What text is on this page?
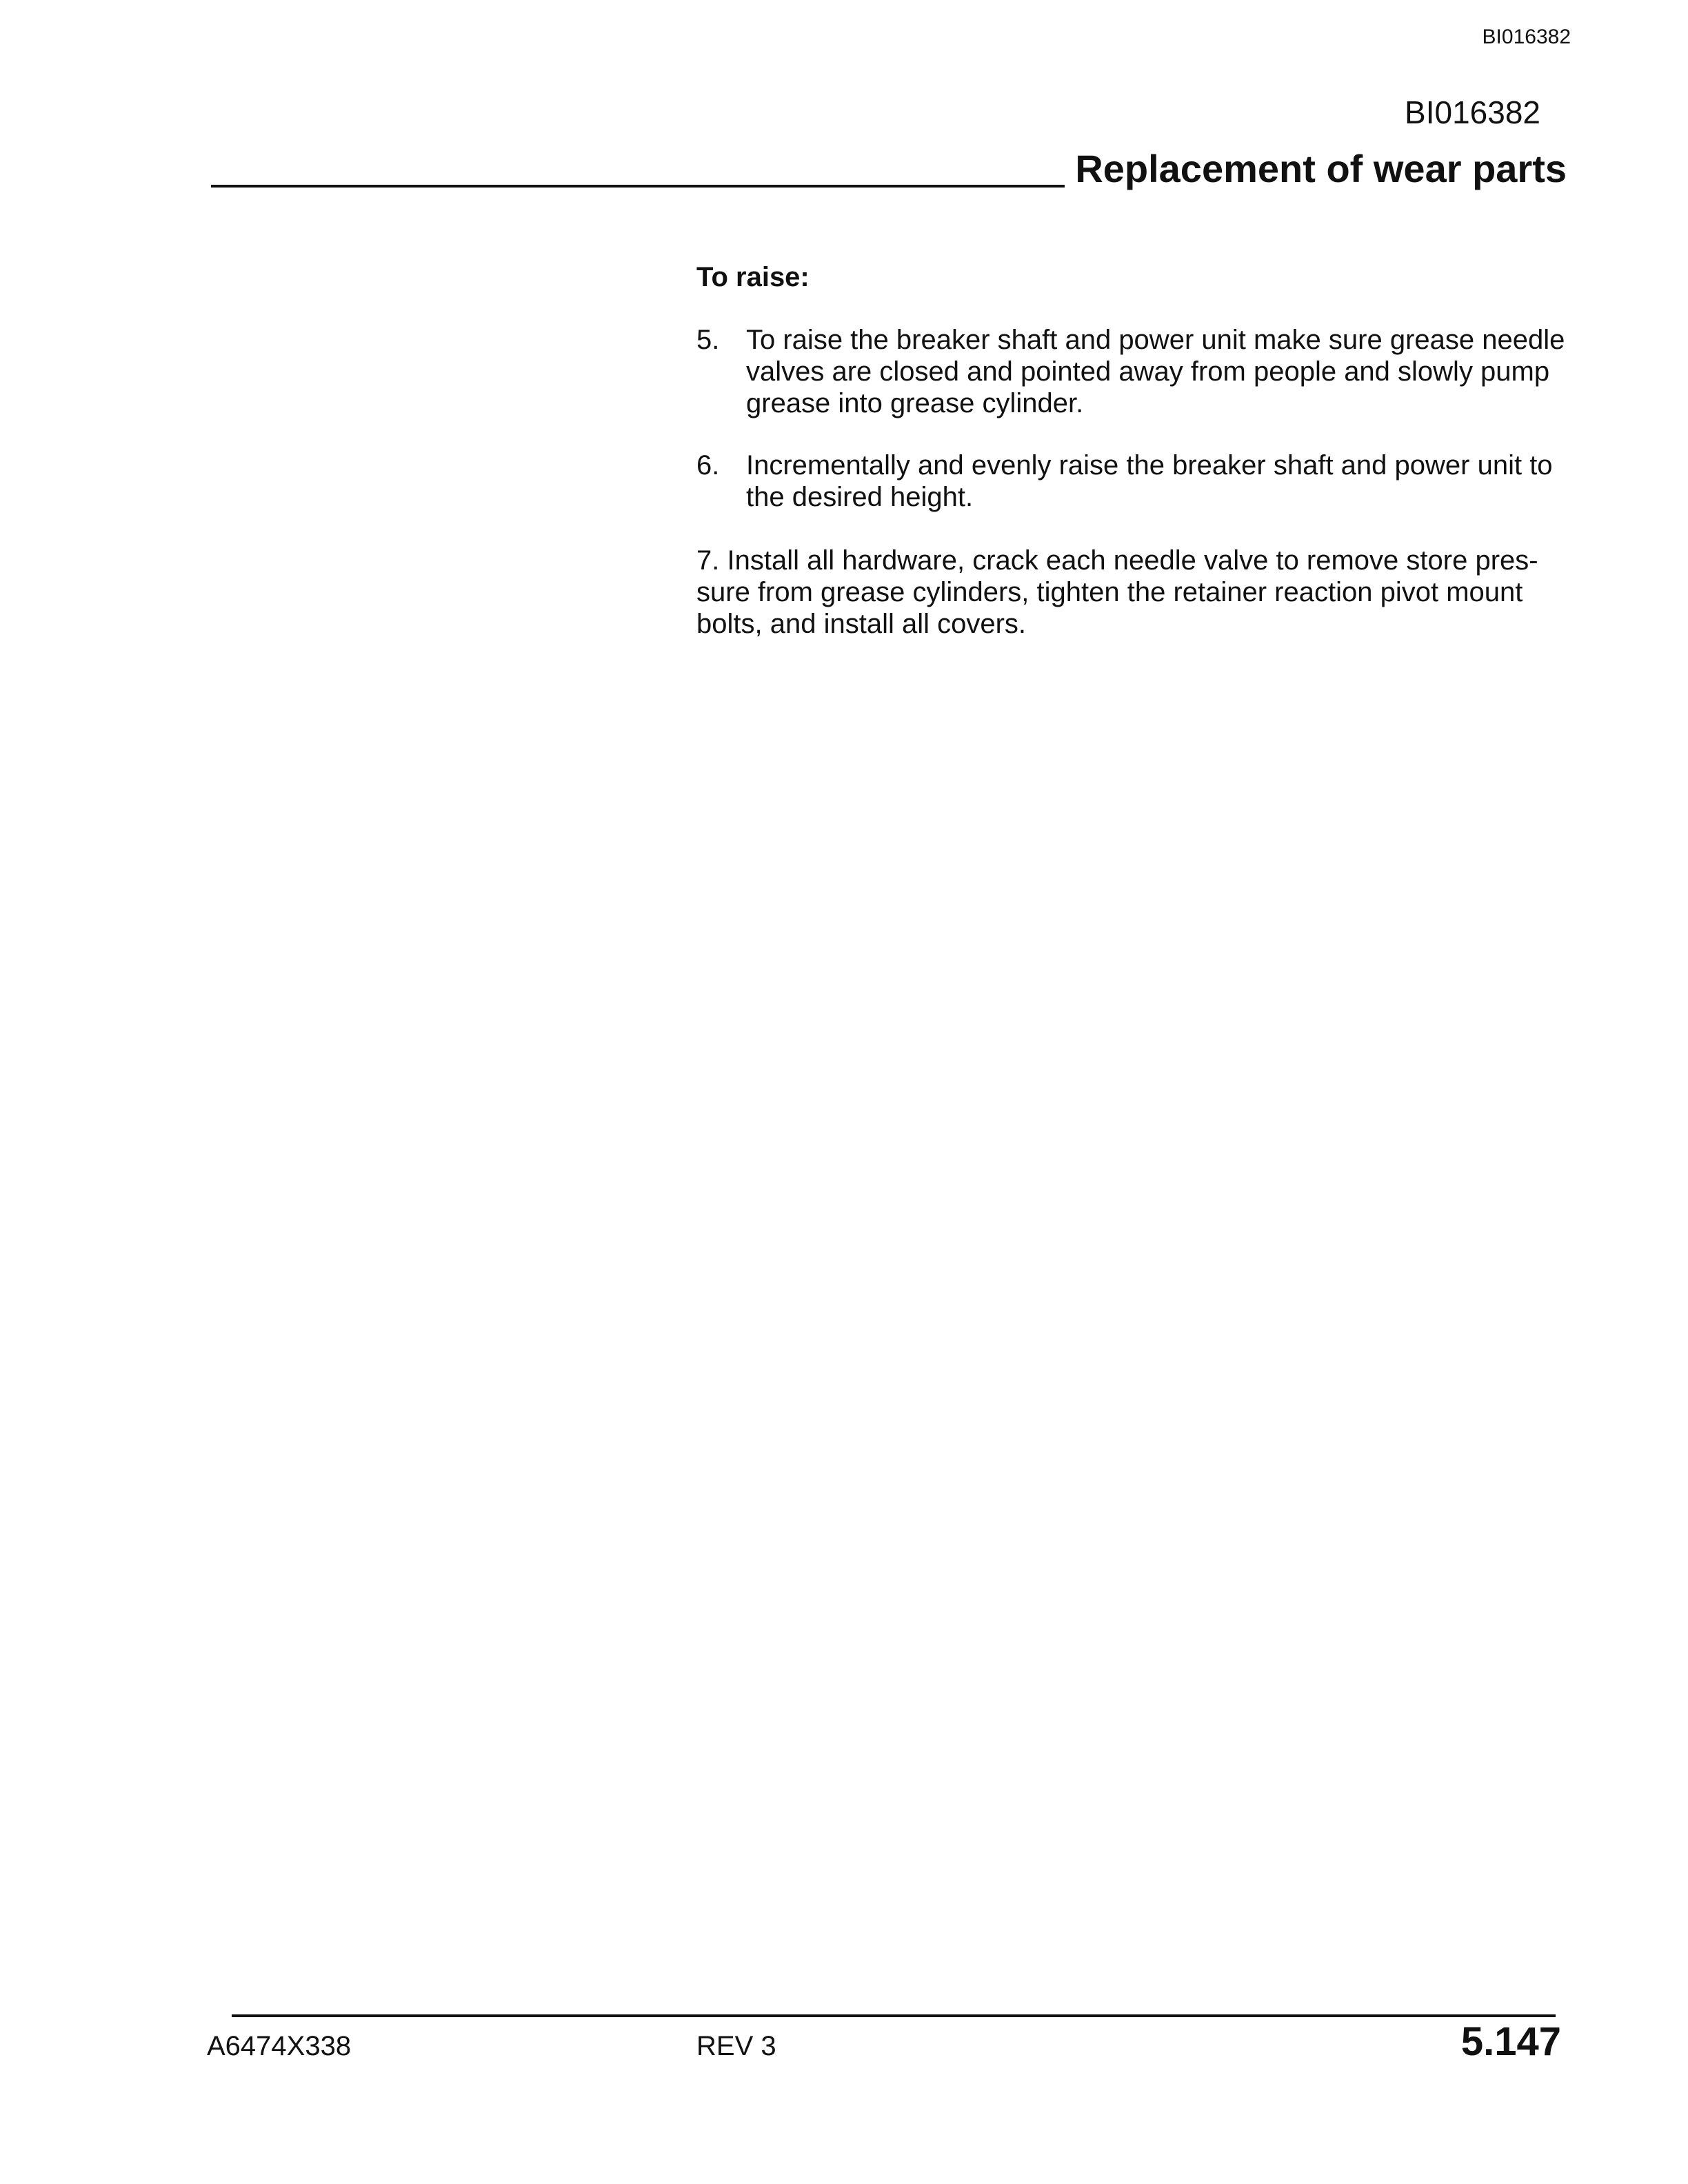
BI016382
BI016382
Replacement of wear parts
To raise:
5. To raise the breaker shaft and power unit make sure grease needle valves are closed and pointed away from people and slowly pump grease into grease cylinder.
6. Incrementally and evenly raise the breaker shaft and power unit to the desired height.
7. Install all hardware, crack each needle valve to remove store pres-sure from grease cylinders, tighten the retainer reaction pivot mount bolts, and install all covers.
A6474X338	REV 3	5.147
